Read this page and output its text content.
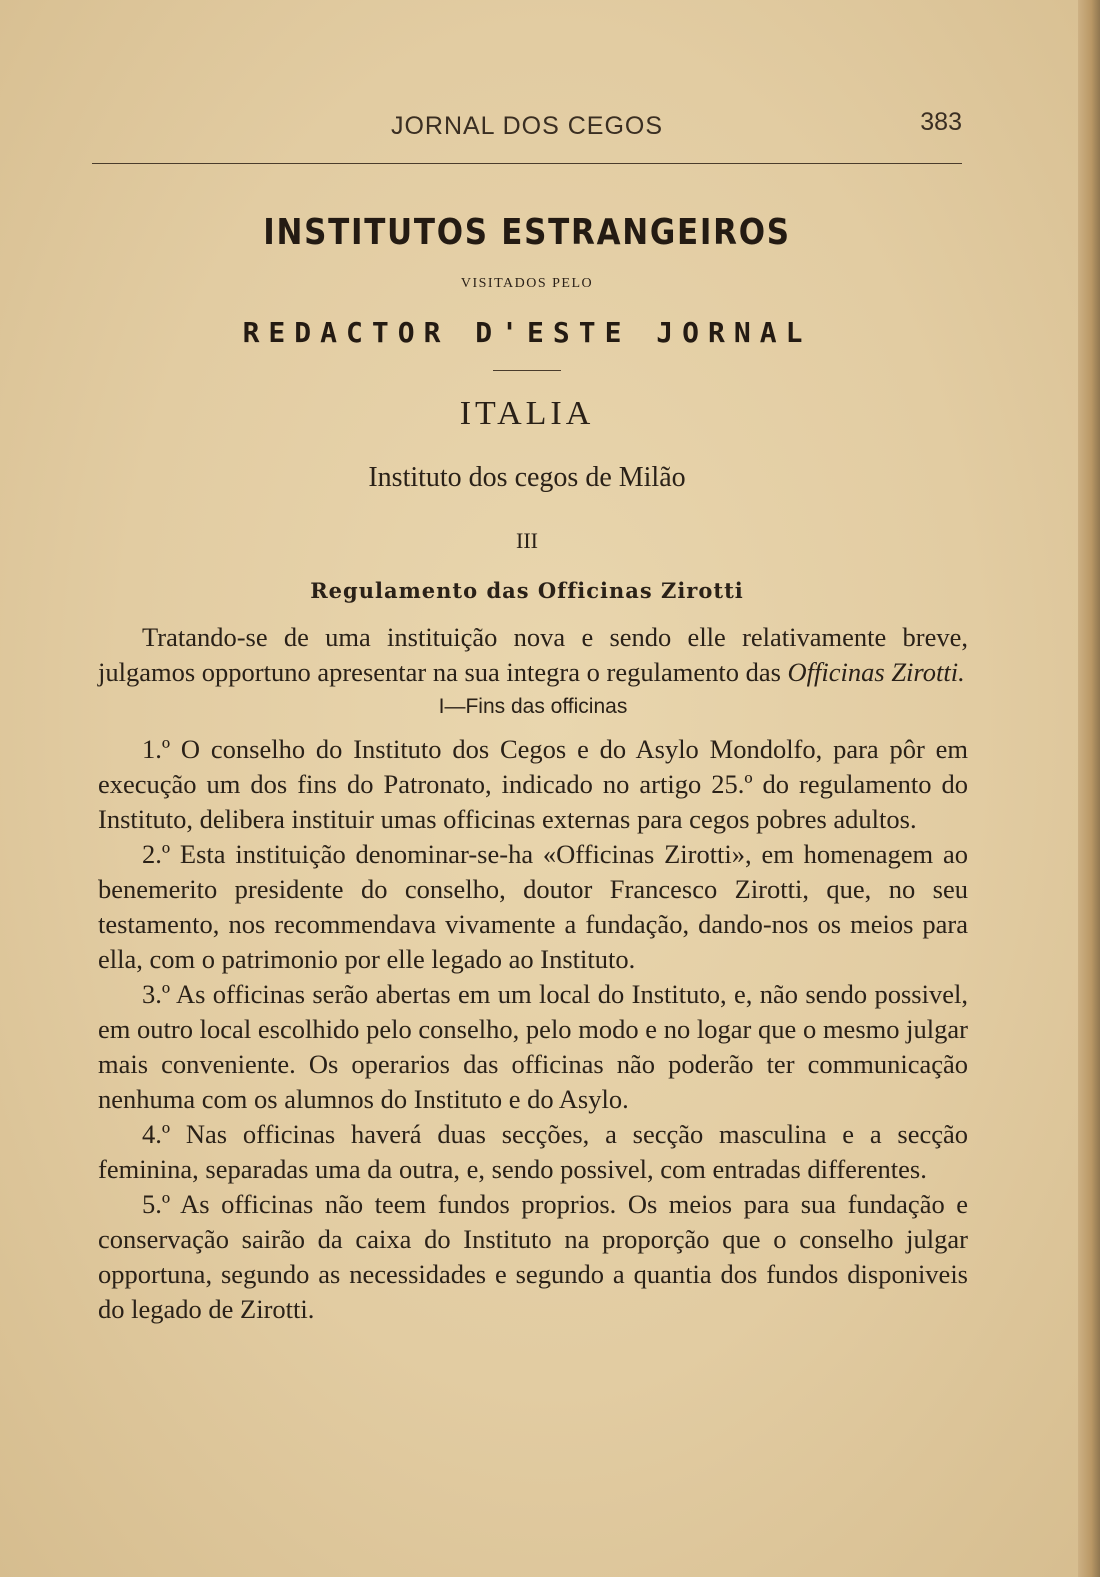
JORNAL DOS CEGOS	383
INSTITUTOS ESTRANGEIROS
VISITADOS PELO
REDACTOR D'ESTE JORNAL
ITALIA
Instituto dos cegos de Milão
III
Regulamento das Officinas Zirotti

Tratando-se de uma instituição nova e sendo elle relativamente breve, julgamos opportuno apresentar na sua integra o regulamento das Officinas Zirotti.

I—Fins das officinas

1.º O conselho do Instituto dos Cegos e do Asylo Mondolfo, para pôr em execução um dos fins do Patronato, indicado no artigo 25.º do regulamento do Instituto, delibera instituir umas officinas externas para cegos pobres adultos.

2.º Esta instituição denominar-se-ha «Officinas Zirotti», em homenagem ao benemerito presidente do conselho, doutor Francesco Zirotti, que, no seu testamento, nos recommendava vivamente a fundação, dando-nos os meios para ella, com o patrimonio por elle legado ao Instituto.

3.º As officinas serão abertas em um local do Instituto, e, não sendo possivel, em outro local escolhido pelo conselho, pelo modo e no logar que o mesmo julgar mais conveniente. Os operarios das officinas não poderão ter communicação nenhuma com os alumnos do Instituto e do Asylo.

4.º Nas officinas haverá duas secções, a secção masculina e a secção feminina, separadas uma da outra, e, sendo possivel, com entradas differentes.

5.º As officinas não teem fundos proprios. Os meios para sua fundação e conservação sairão da caixa do Instituto na proporção que o conselho julgar opportuna, segundo as necessidades e segundo a quantia dos fundos disponiveis do legado de Zirotti.
